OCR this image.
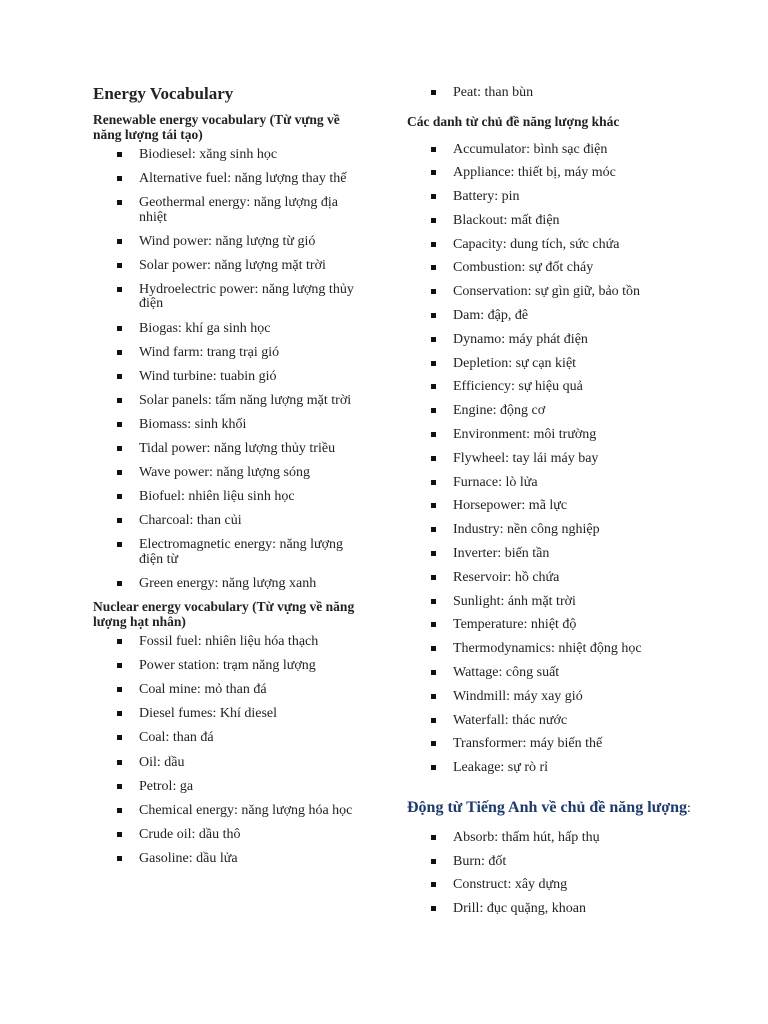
Energy Vocabulary
Renewable energy vocabulary (Từ vựng về năng lượng tái tạo)
Biodiesel: xăng sinh học
Alternative fuel: năng lượng thay thế
Geothermal energy: năng lượng địa nhiệt
Wind power: năng lượng từ gió
Solar power: năng lượng mặt trời
Hydroelectric power: năng lượng thủy điện
Biogas: khí ga sinh học
Wind farm: trang trại gió
Wind turbine: tuabin gió
Solar panels: tấm năng lượng mặt trời
Biomass: sinh khối
Tidal power: năng lượng thủy triều
Wave power: năng lượng sóng
Biofuel: nhiên liệu sinh học
Charcoal: than củi
Electromagnetic energy: năng lượng điện từ
Green energy: năng lượng xanh
Nuclear energy vocabulary (Từ vựng về năng lượng hạt nhân)
Fossil fuel: nhiên liệu hóa thạch
Power station: trạm năng lượng
Coal mine: mỏ than đá
Diesel fumes: Khí diesel
Coal: than đá
Oil: dầu
Petrol: ga
Chemical energy: năng lượng hóa học
Crude oil: dầu thô
Gasoline: dầu lửa
Peat: than bùn
Các danh từ chủ đề năng lượng khác
Accumulator: bình sạc điện
Appliance: thiết bị, máy móc
Battery: pin
Blackout: mất điện
Capacity: dung tích, sức chứa
Combustion: sự đốt cháy
Conservation: sự gìn giữ, bảo tồn
Dam: đập, đê
Dynamo: máy phát điện
Depletion: sự cạn kiệt
Efficiency: sự hiệu quả
Engine: động cơ
Environment: môi trường
Flywheel: tay lái máy bay
Furnace: lò lửa
Horsepower: mã lực
Industry: nền công nghiệp
Inverter: biến tần
Reservoir: hồ chứa
Sunlight: ánh mặt trời
Temperature: nhiệt độ
Thermodynamics: nhiệt động học
Wattage: công suất
Windmill: máy xay gió
Waterfall: thác nước
Transformer: máy biến thế
Leakage: sự rò rỉ
Động từ Tiếng Anh về chủ đề năng lượng:
Absorb: thấm hút, hấp thụ
Burn: đốt
Construct: xây dựng
Drill: đục quặng, khoan
